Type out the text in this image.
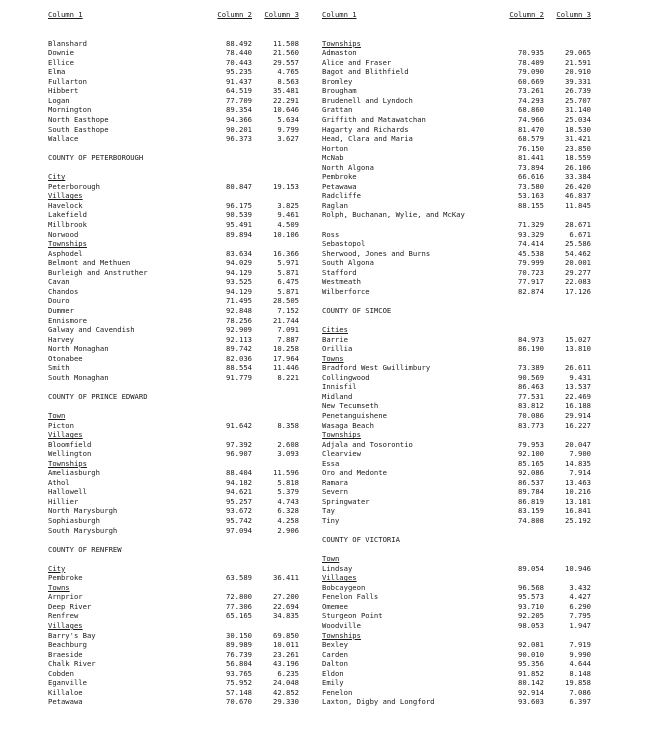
Column 1	Column 2	Column 3
Blanshard	88.492	11.508
Downie	78.440	21.560
Ellice	70.443	29.557
Elma	95.235	4.765
Fullarton	91.437	8.563
Hibbert	64.519	35.481
Logan	77.709	22.291
Mornington	89.354	10.646
North Easthope	94.366	5.634
South Easthope	90.201	9.799
Wallace	96.373	3.627
COUNTY OF PETERBOROUGH
City
Peterborough	80.847	19.153
Villages
Havelock	96.175	3.825
Lakefield	90.539	9.461
Millbrook	95.491	4.509
Norwood	89.894	10.106
Townships
Asphodel	83.634	16.366
Belmont and Methuen	94.029	5.971
Burleigh and Anstruther	94.129	5.871
Cavan	93.525	6.475
Chandos	94.129	5.871
Douro	71.495	28.505
Dummer	92.848	7.152
Ennismore	78.256	21.744
Galway and Cavendish	92.909	7.091
Harvey	92.113	7.887
North Monaghan	89.742	10.258
Otonabee	82.036	17.964
Smith	88.554	11.446
South Monaghan	91.779	8.221
COUNTY OF PRINCE EDWARD
Town
Picton	91.642	8.358
Villages
Bloomfield	97.392	2.608
Wellington	96.907	3.093
Townships
Ameliasburgh	88.404	11.596
Athol	94.182	5.818
Hallowell	94.621	5.379
Hillier	95.257	4.743
North Marysburgh	93.672	6.328
Sophiasburgh	95.742	4.258
South Marysburgh	97.094	2.906
COUNTY OF RENFREW
City
Pembroke	63.589	36.411
Towns
Arnprior	72.800	27.200
Deep River	77.306	22.694
Renfrew	65.165	34.835
Villages
Barry's Bay	30.150	69.850
Beachburg	89.989	10.011
Braeside	76.739	23.261
Chalk River	56.804	43.196
Cobden	93.765	6.235
Eganville	75.952	24.048
Killaloe	57.148	42.852
Petawawa	70.670	29.330
Column 1	Column 2	Column 3
Townships
Admaston	70.935	29.065
Alice and Fraser	78.409	21.591
Bagot and Blithfield	79.090	20.910
Bromley	60.669	39.331
Brougham	73.261	26.739
Brudenell and Lyndoch	74.293	25.707
Grattan	68.860	31.140
Griffith and Matawatchan	74.966	25.034
Hagarty and Richards	81.470	18.530
Head, Clara and Maria	68.579	31.421
Horton	76.150	23.850
McNab	81.441	18.559
North Algona	73.894	26.106
Pembroke	66.616	33.384
Petawawa	73.580	26.420
Radcliffe	53.163	46.837
Raglan	88.155	11.845
Rolph, Buchanan, Wylie, and McKay
71.329	28.671
Ross	93.329	6.671
Sebastopol	74.414	25.586
Sherwood, Jones and Burns	45.538	54.462
South Algona	79.999	20.001
Stafford	70.723	29.277
Westmeath	77.917	22.083
Wilberforce	82.874	17.126
COUNTY OF SIMCOE
Cities
Barrie	84.973	15.027
Orillia	86.190	13.810
Towns
Bradford West Gwillimbury	73.389	26.611
Collingwood	90.569	9.431
Innisfil	86.463	13.537
Midland	77.531	22.469
New Tecumseth	83.812	16.188
Penetanguishene	70.086	29.914
Wasaga Beach	83.773	16.227
Townships
Adjala and Tosorontio	79.953	20.047
Clearview	92.100	7.900
Essa	85.165	14.835
Oro and Medonte	92.086	7.914
Ramara	86.537	13.463
Severn	89.784	10.216
Springwater	86.819	13.181
Tay	83.159	16.841
Tiny	74.808	25.192
COUNTY OF VICTORIA
Town
Lindsay	89.054	10.946
Villages
Bobcaygeon	96.568	3.432
Fenelon Falls	95.573	4.427
Omemee	93.710	6.290
Sturgeon Point	92.205	7.795
Woodville	98.053	1.947
Townships
Bexley	92.081	7.919
Carden	90.010	9.990
Dalton	95.356	4.644
Eldon	91.852	8.148
Emily	80.142	19.858
Fenelon	92.914	7.086
Laxton, Digby and Longford	93.603	6.397
